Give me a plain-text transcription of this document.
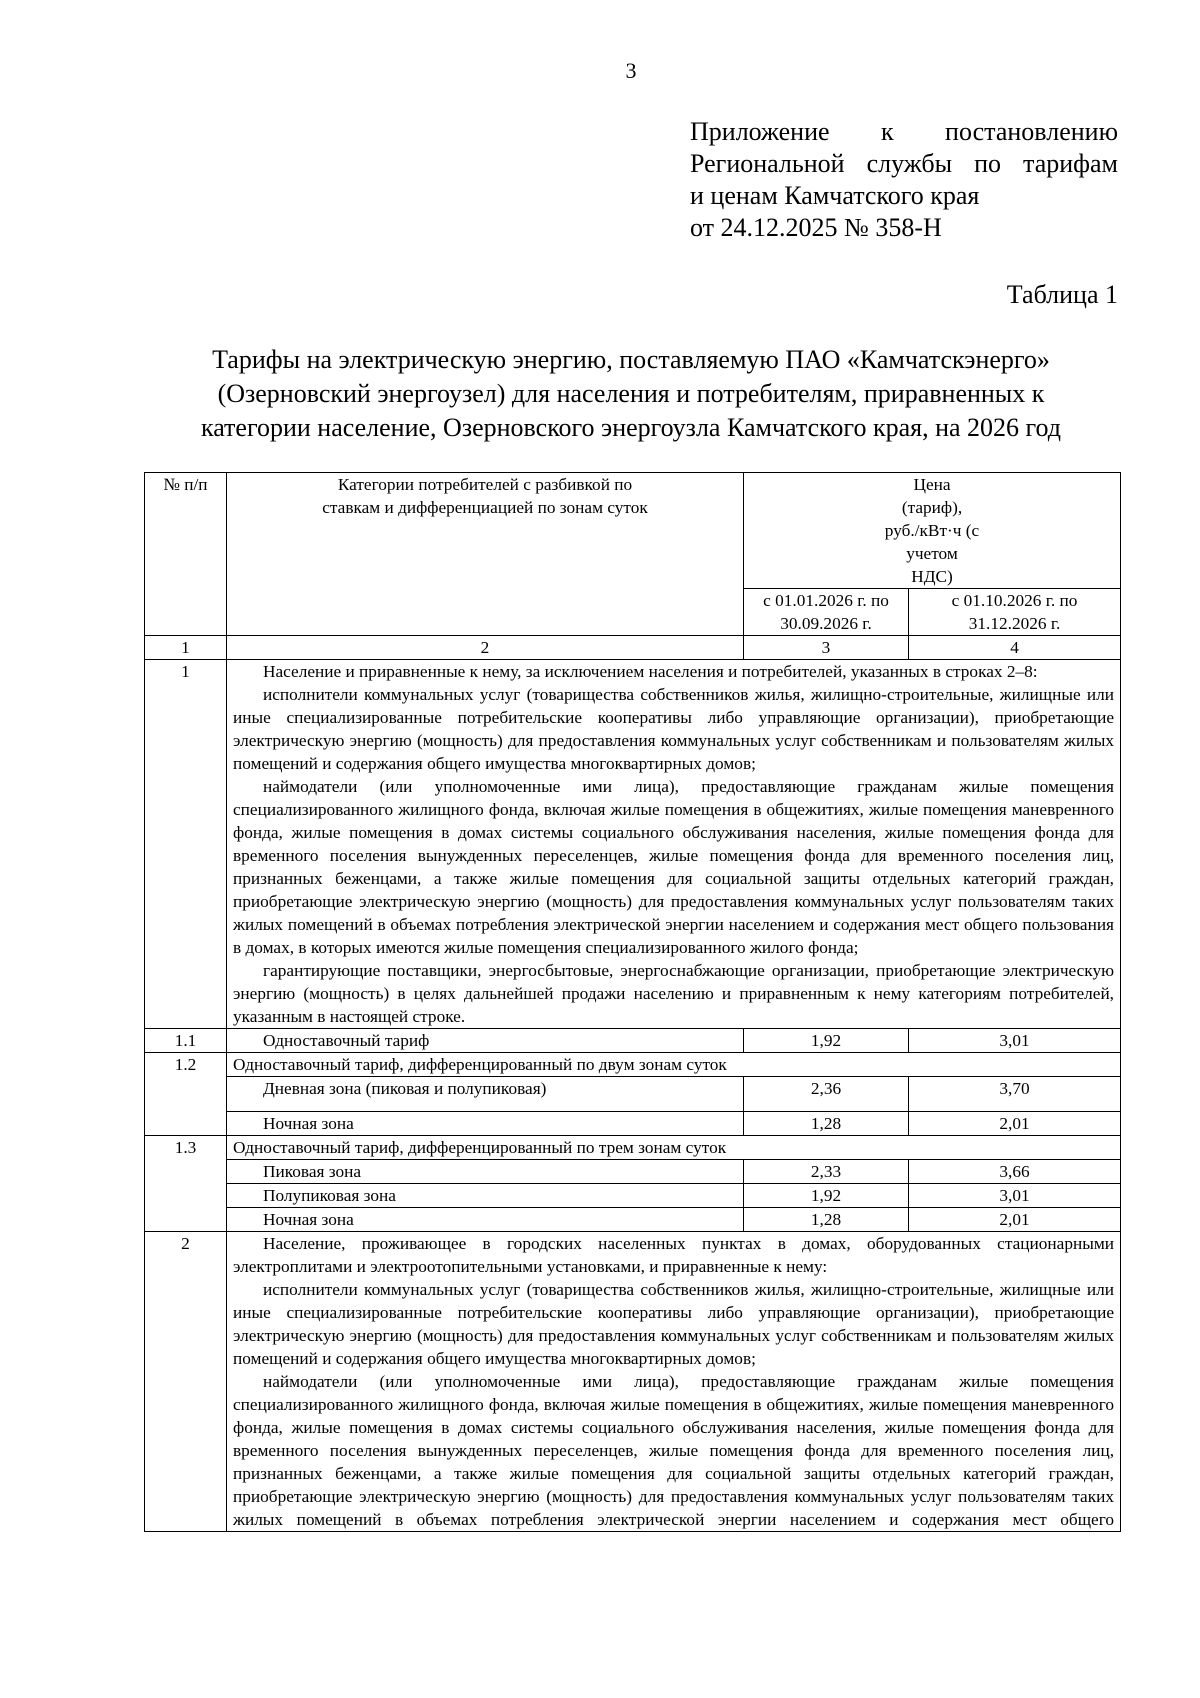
3
Приложение к постановлению
Региональной службы по тарифам
и ценам Камчатского края
от 24.12.2025 № 358-Н
Таблица 1
Тарифы на электрическую энергию, поставляемую ПАО «Камчатскэнерго»
(Озерновский энергоузел) для населения и потребителям, приравненных к
категории население, Озерновского энергоузла Камчатского края, на 2026 год
№ п/п	Категории потребителей с разбивкой по ставкам и дифференциацией по зонам суток	Цена (тариф), руб./кВт·ч (с учетом НДС)	
		с 01.01.2026 г. по 30.09.2026 г.	с 01.10.2026 г. по 31.12.2026 г.
1	2	3	4
1	Население и приравненные к нему, за исключением населения и потребителей, указанных в строках 2–8:

исполнители коммунальных услуг (товарищества собственников жилья, жилищно-строительные, жилищные или иные специализированные потребительские кооперативы либо управляющие организации), приобретающие электрическую энергию (мощность) для предоставления коммунальных услуг собственникам и пользователям жилых помещений и содержания общего имущества многоквартирных домов;

наймодатели (или уполномоченные ими лица), предоставляющие гражданам жилые помещения специализированного жилищного фонда, включая жилые помещения в общежитиях, жилые помещения маневренного фонда, жилые помещения в домах системы социального обслуживания населения, жилые помещения фонда для временного поселения вынужденных переселенцев, жилые помещения фонда для временного поселения лиц, признанных беженцами, а также жилые помещения для социальной защиты отдельных категорий граждан, приобретающие электрическую энергию (мощность) для предоставления коммунальных услуг пользователям таких жилых помещений в объемах потребления электрической энергии населением и содержания мест общего пользования в домах, в которых имеются жилые помещения специализированного жилого фонда;

гарантирующие поставщики, энергосбытовые, энергоснабжающие организации, приобретающие электрическую энергию (мощность) в целях дальнейшей продажи населению и приравненным к нему категориям потребителей, указанным в настоящей строке.		

1.1	Одноставочный тариф	1,92	3,01
1.2	Одноставочный тариф, дифференцированный по двум зонам суток		
	Дневная зона (пиковая и полупиковая)	2,36	3,70
	Ночная зона	1,28	2,01
1.3	Одноставочный тариф, дифференцированный по трем зонам суток		
	Пиковая зона	2,33	3,66
	Полупиковая зона	1,92	3,01
	Ночная зона	1,28	2,01
2	Население, проживающее в городских населенных пунктах в домах, оборудованных стационарными электроплитами и электроотопительными установками, и приравненные к нему:

исполнители коммунальных услуг (товарищества собственников жилья, жилищно-строительные, жилищные или иные специализированные потребительские кооперативы либо управляющие организации), приобретающие электрическую энергию (мощность) для предоставления коммунальных услуг собственникам и пользователям жилых помещений и содержания общего имущества многоквартирных домов;

наймодатели (или уполномоченные ими лица), предоставляющие гражданам жилые помещения специализированного жилищного фонда, включая жилые помещения в общежитиях, жилые помещения маневренного фонда, жилые помещения в домах системы социального обслуживания населения, жилые помещения фонда для временного поселения вынужденных переселенцев, жилые помещения фонда для временного поселения лиц, признанных беженцами, а также жилые помещения для социальной защиты отдельных категорий граждан, приобретающие электрическую энергию (мощность) для предоставления коммунальных услуг пользователям таких жилых помещений в объемах потребления электрической энергии населением и содержания мест общего		
